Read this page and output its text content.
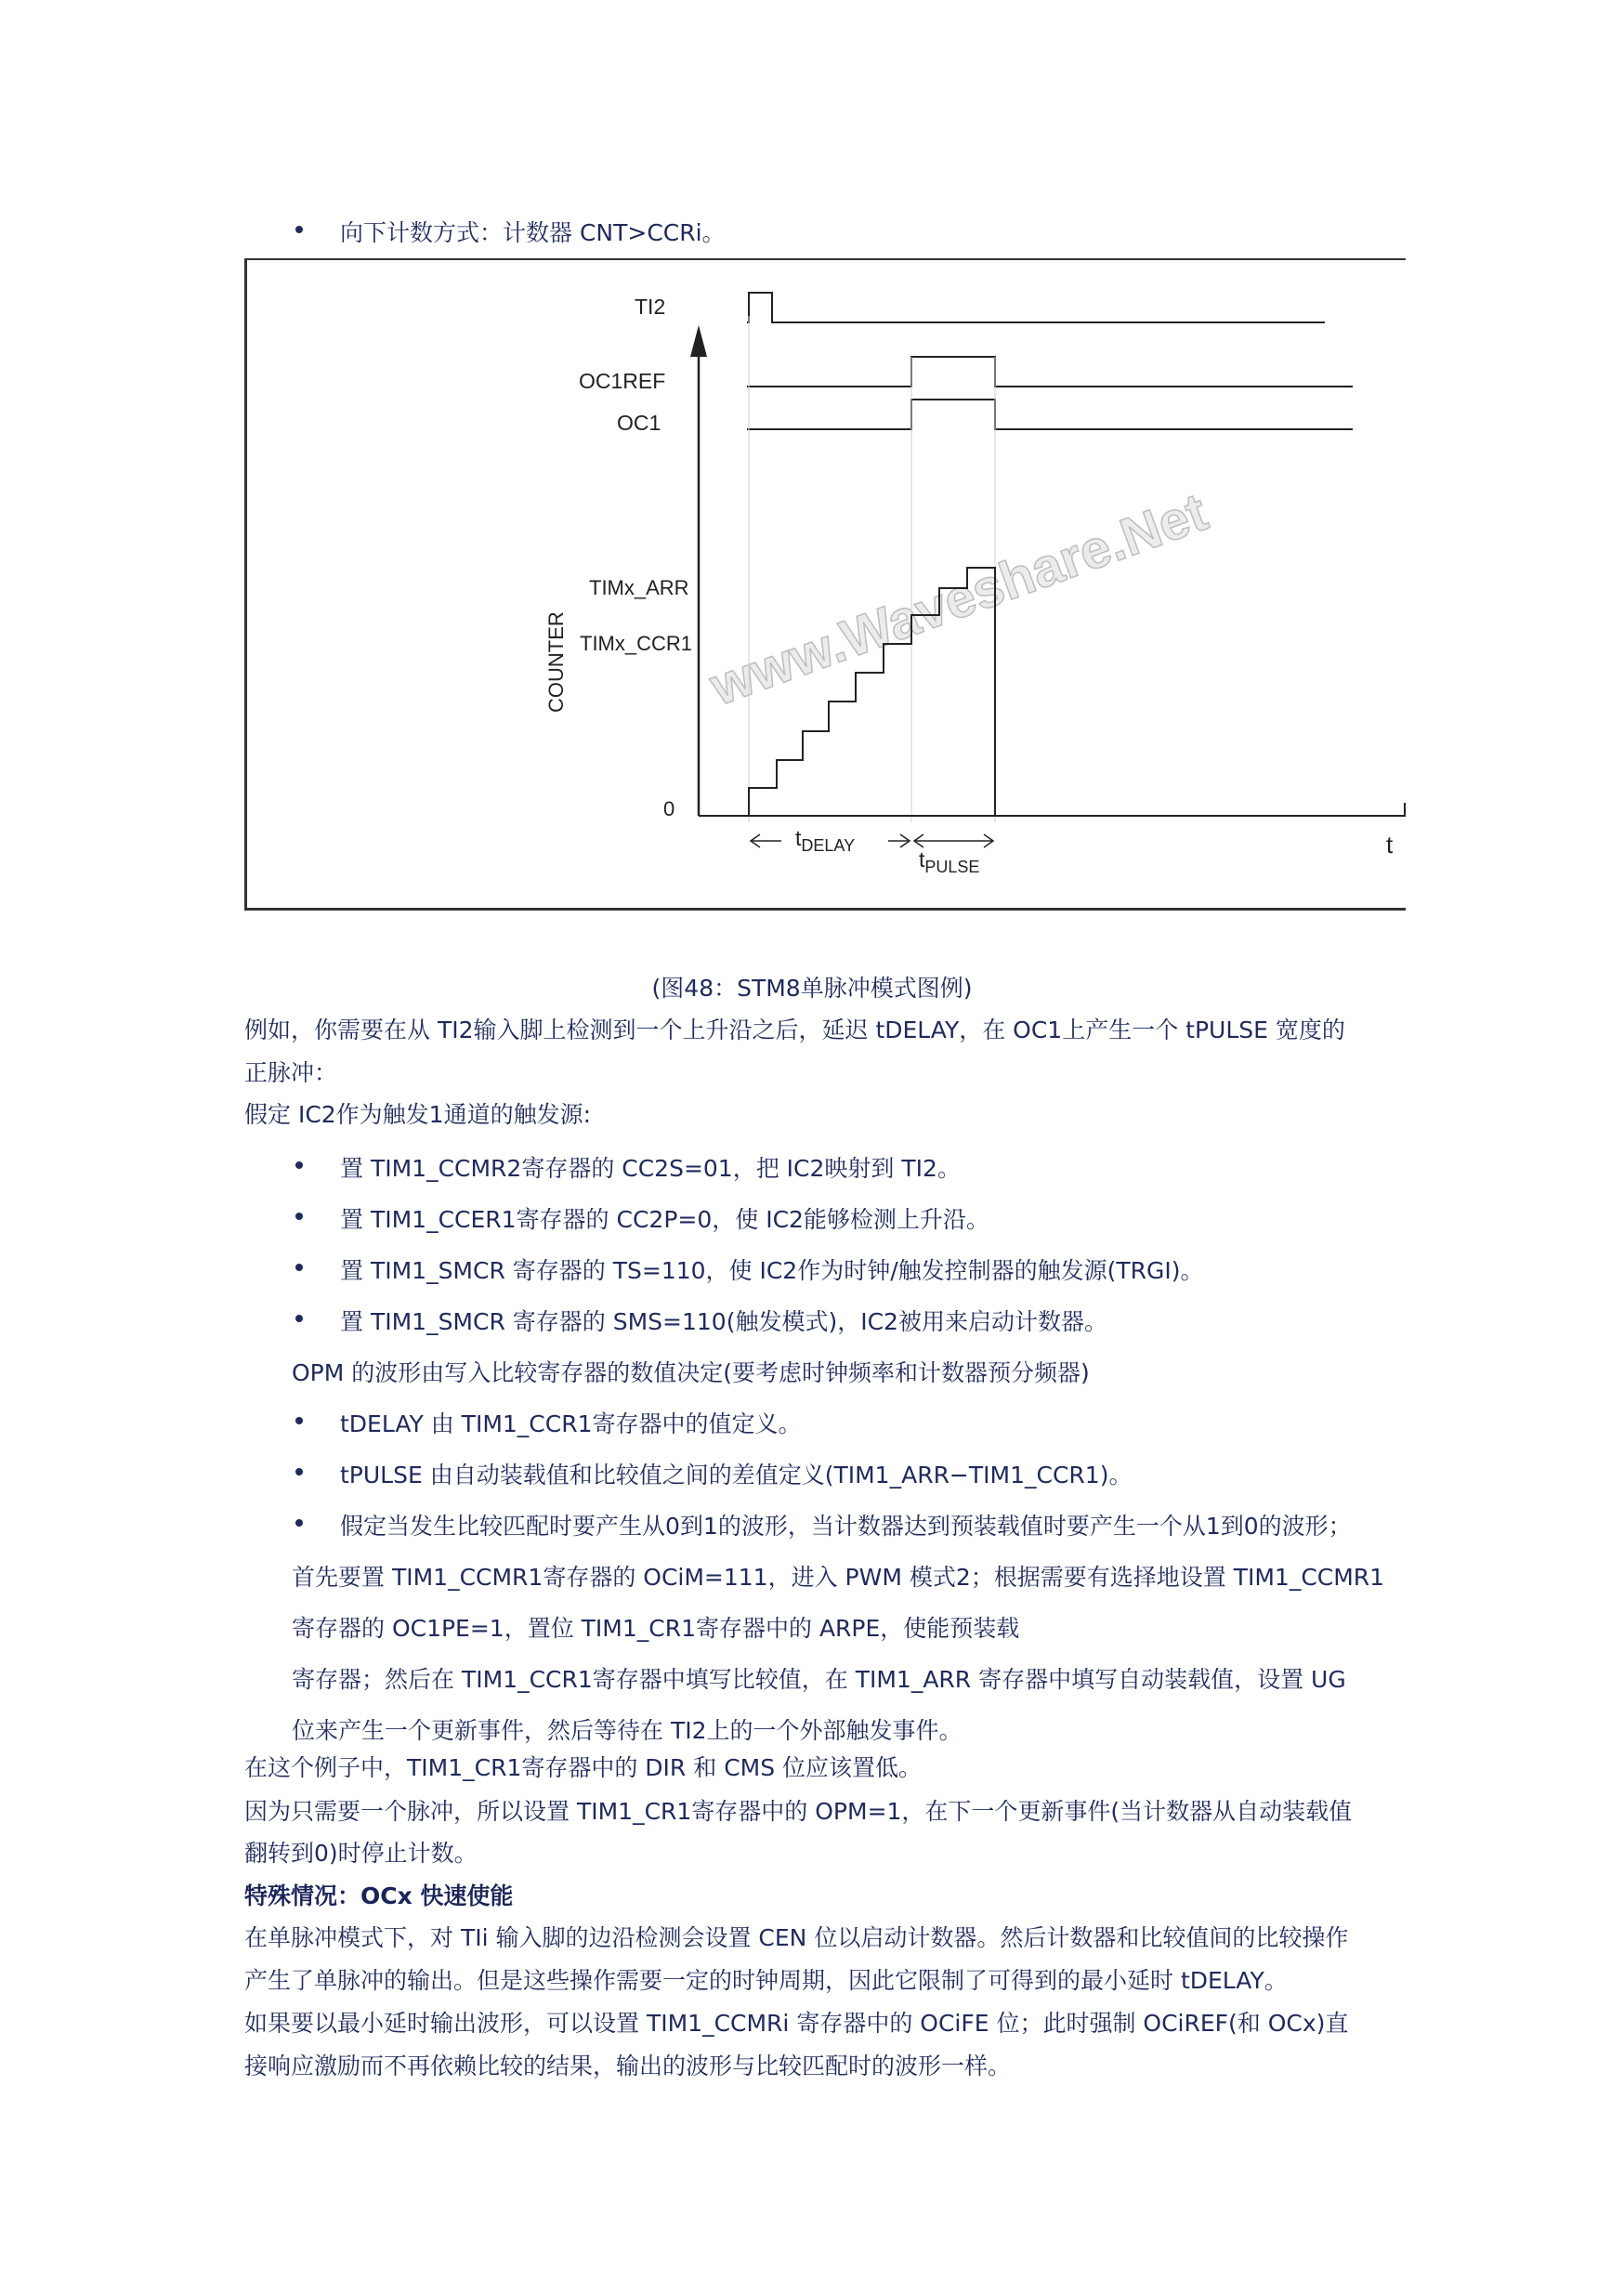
向下计数方式：计数器 CNT>CCRi。
www.Waveshare.Net
TI2
OC1REF
OC1
COUNTER
TIMx_ARR
TIMx_CCR1
0
t
$t_{DELAY}$
$t_{PULSE}$
(图48：STM8单脉冲模式图例)
例如，你需要在从 TI2输入脚上检测到一个上升沿之后，延迟 tDELAY，在 OC1上产生一个 tPULSE 宽度的
正脉冲：
假定 IC2作为触发1通道的触发源:
置 TIM1_CCMR2寄存器的 CC2S=01，把 IC2映射到 TI2。
置 TIM1_CCER1寄存器的 CC2P=0，使 IC2能够检测上升沿。
置 TIM1_SMCR 寄存器的 TS=110，使 IC2作为时钟/触发控制器的触发源(TRGI)。
置 TIM1_SMCR 寄存器的 SMS=110(触发模式)，IC2被用来启动计数器。
OPM 的波形由写入比较寄存器的数值决定(要考虑时钟频率和计数器预分频器)
tDELAY 由 TIM1_CCR1寄存器中的值定义。
tPULSE 由自动装载值和比较值之间的差值定义(TIM1_ARR−TIM1_CCR1)。
假定当发生比较匹配时要产生从0到1的波形，当计数器达到预装载值时要产生一个从1到0的波形；
首先要置 TIM1_CCMR1寄存器的 OCiM=111，进入 PWM 模式2；根据需要有选择地设置 TIM1_CCMR1
寄存器的 OC1PE=1，置位 TIM1_CR1寄存器中的 ARPE，使能预装载
寄存器；然后在 TIM1_CCR1寄存器中填写比较值，在 TIM1_ARR 寄存器中填写自动装载值，设置 UG
位来产生一个更新事件，然后等待在 TI2上的一个外部触发事件。
在这个例子中，TIM1_CR1寄存器中的 DIR 和 CMS 位应该置低。
因为只需要一个脉冲，所以设置 TIM1_CR1寄存器中的 OPM=1，在下一个更新事件(当计数器从自动装载值
翻转到0)时停止计数。
特殊情况：OCx 快速使能
在单脉冲模式下，对 TIi 输入脚的边沿检测会设置 CEN 位以启动计数器。然后计数器和比较值间的比较操作
产生了单脉冲的输出。但是这些操作需要一定的时钟周期，因此它限制了可得到的最小延时 tDELAY。
如果要以最小延时输出波形，可以设置 TIM1_CCMRi 寄存器中的 OCiFE 位；此时强制 OCiREF(和 OCx)直
接响应激励而不再依赖比较的结果，输出的波形与比较匹配时的波形一样。
